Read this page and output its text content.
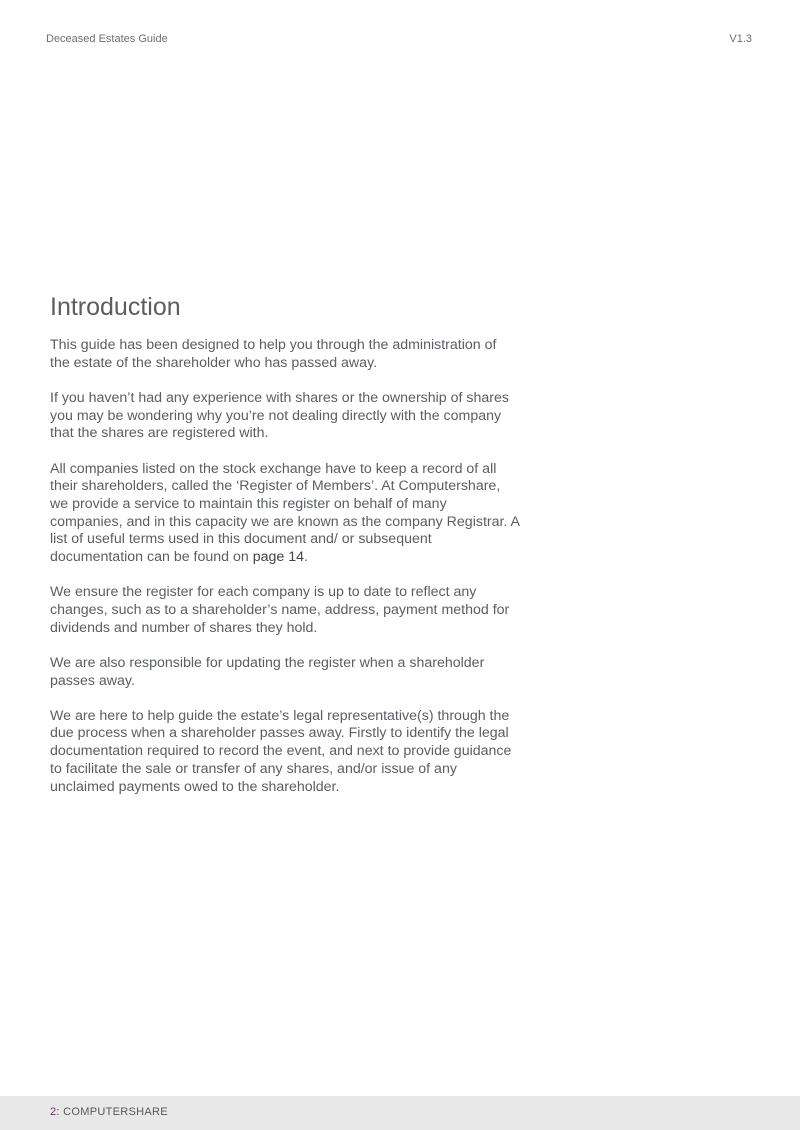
Deceased Estates Guide	V1.3
Introduction

This guide has been designed to help you through the administration of the estate of the shareholder who has passed away.

If you haven’t had any experience with shares or the ownership of shares you may be wondering why you’re not dealing directly with the company that the shares are registered with.

All companies listed on the stock exchange have to keep a record of all their shareholders, called the ‘Register of Members’. At Computershare, we provide a service to maintain this register on behalf of many companies, and in this capacity we are known as the company Registrar. A list of useful terms used in this document and/ or subsequent documentation can be found on page 14.

We ensure the register for each company is up to date to reflect any changes, such as to a shareholder’s name, address, payment method for dividends and number of shares they hold.

We are also responsible for updating the register when a shareholder passes away.

We are here to help guide the estate’s legal representative(s) through the due process when a shareholder passes away. Firstly to identify the legal documentation required to record the event, and next to provide guidance to facilitate the sale or transfer of any shares, and/or issue of any unclaimed payments owed to the shareholder.

2: COMPUTERSHARE
